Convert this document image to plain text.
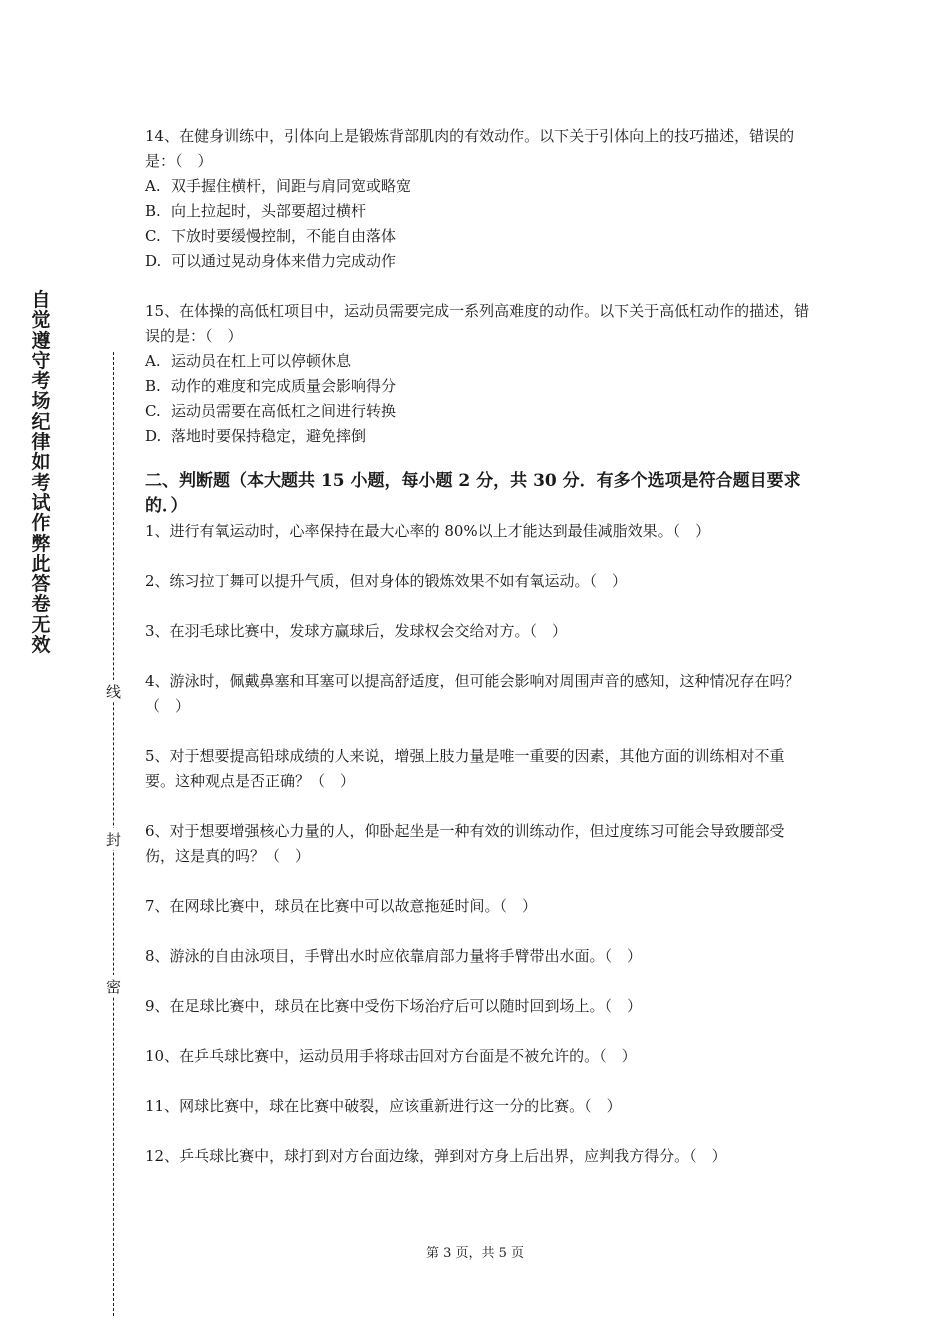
自觉遵守考场纪律如考试作弊此答卷无效
线
封
密

14、在健身训练中，引体向上是锻炼背部肌肉的有效动作。以下关于引体向上的技巧描述，错误的是：（　）

A. 双手握住横杆，间距与肩同宽或略宽

B. 向上拉起时，头部要超过横杆

C. 下放时要缓慢控制，不能自由落体

D. 可以通过晃动身体来借力完成动作

15、在体操的高低杠项目中，运动员需要完成一系列高难度的动作。以下关于高低杠动作的描述，错误的是：（　）

A. 运动员在杠上可以停顿休息

B. 动作的难度和完成质量会影响得分

C. 运动员需要在高低杠之间进行转换

D. 落地时要保持稳定，避免摔倒

二、判断题（本大题共 15 小题，每小题 2 分，共 30 分．有多个选项是符合题目要求的．）

1、进行有氧运动时，心率保持在最大心率的 80%以上才能达到最佳减脂效果。（　）

2、练习拉丁舞可以提升气质，但对身体的锻炼效果不如有氧运动。（　）

3、在羽毛球比赛中，发球方赢球后，发球权会交给对方。（　）

4、游泳时，佩戴鼻塞和耳塞可以提高舒适度，但可能会影响对周围声音的感知，这种情况存在吗？（　）

5、对于想要提高铅球成绩的人来说，增强上肢力量是唯一重要的因素，其他方面的训练相对不重要。这种观点是否正确？（　）

6、对于想要增强核心力量的人，仰卧起坐是一种有效的训练动作，但过度练习可能会导致腰部受伤，这是真的吗？（　）

7、在网球比赛中，球员在比赛中可以故意拖延时间。（　）

8、游泳的自由泳项目，手臂出水时应依靠肩部力量将手臂带出水面。（　）

9、在足球比赛中，球员在比赛中受伤下场治疗后可以随时回到场上。（　）

10、在乒乓球比赛中，运动员用手将球击回对方台面是不被允许的。（　）

11、网球比赛中，球在比赛中破裂，应该重新进行这一分的比赛。（　）

12、乒乓球比赛中，球打到对方台面边缘，弹到对方身上后出界，应判我方得分。（　）

第 3 页，共 5 页
